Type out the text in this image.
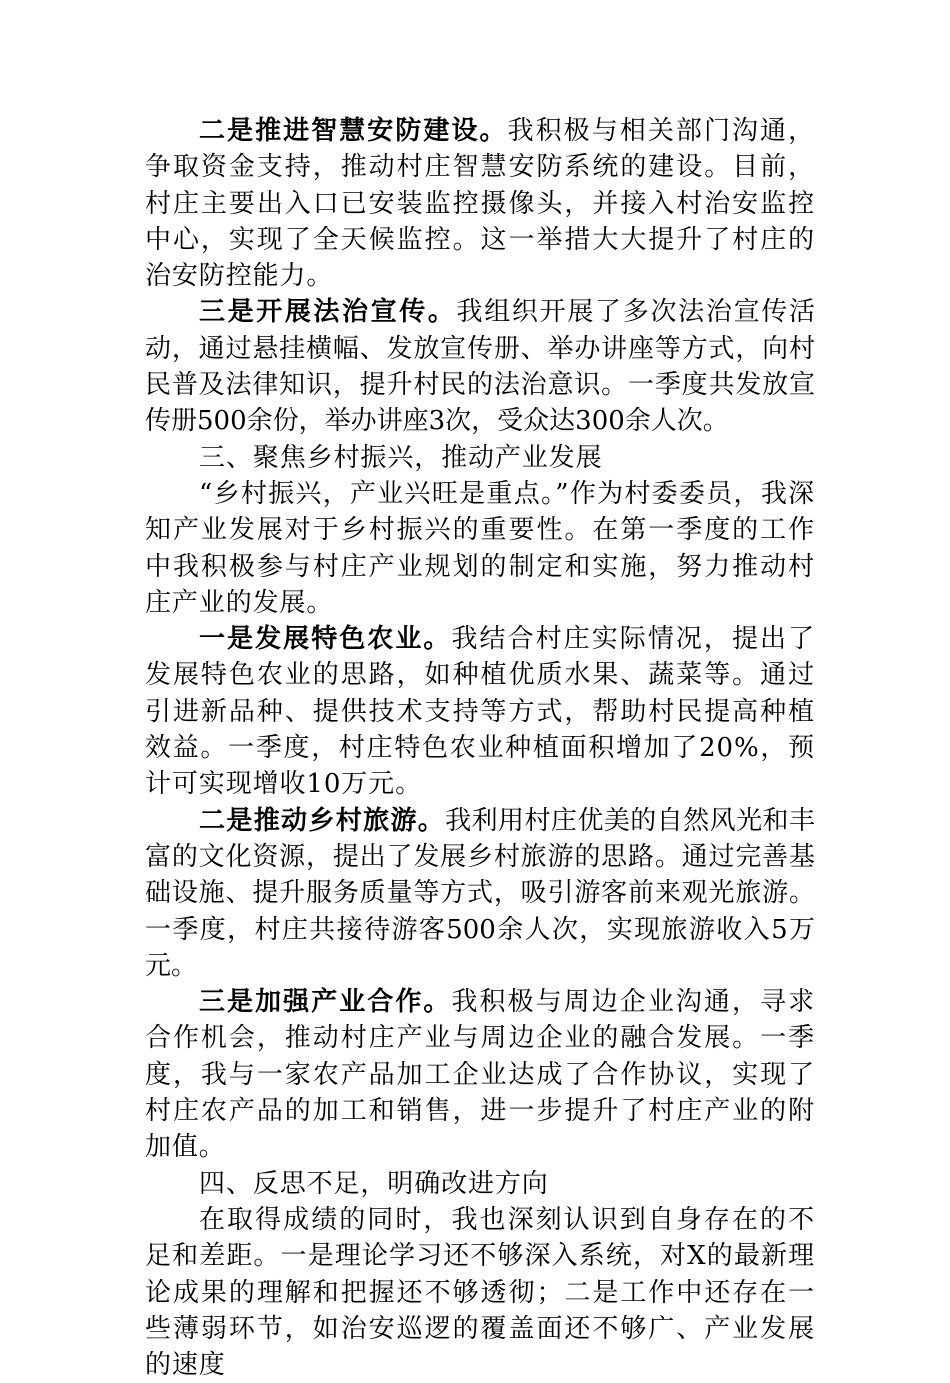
二是推进智慧安防建设。我积极与相关部门沟通，争取资金支持，推动村庄智慧安防系统的建设。目前，村庄主要出入口已安装监控摄像头，并接入村治安监控中心，实现了全天候监控。这一举措大大提升了村庄的治安防控能力。

三是开展法治宣传。我组织开展了多次法治宣传活动，通过悬挂横幅、发放宣传册、举办讲座等方式，向村民普及法律知识，提升村民的法治意识。一季度共发放宣传册500余份，举办讲座3次，受众达300余人次。

三、聚焦乡村振兴，推动产业发展

“乡村振兴，产业兴旺是重点。”作为村委委员，我深知产业发展对于乡村振兴的重要性。在第一季度的工作中我积极参与村庄产业规划的制定和实施，努力推动村庄产业的发展。

一是发展特色农业。我结合村庄实际情况，提出了发展特色农业的思路，如种植优质水果、蔬菜等。通过引进新品种、提供技术支持等方式，帮助村民提高种植效益。一季度，村庄特色农业种植面积增加了20%，预计可实现增收10万元。

二是推动乡村旅游。我利用村庄优美的自然风光和丰富的文化资源，提出了发展乡村旅游的思路。通过完善基础设施、提升服务质量等方式，吸引游客前来观光旅游。一季度，村庄共接待游客500余人次，实现旅游收入5万元。

三是加强产业合作。我积极与周边企业沟通，寻求合作机会，推动村庄产业与周边企业的融合发展。一季度，我与一家农产品加工企业达成了合作协议，实现了村庄农产品的加工和销售，进一步提升了村庄产业的附加值。

四、反思不足，明确改进方向

在取得成绩的同时，我也深刻认识到自身存在的不足和差距。一是理论学习还不够深入系统，对X的最新理论成果的理解和把握还不够透彻；二是工作中还存在一些薄弱环节，如治安巡逻的覆盖面还不够广、产业发展的速度
